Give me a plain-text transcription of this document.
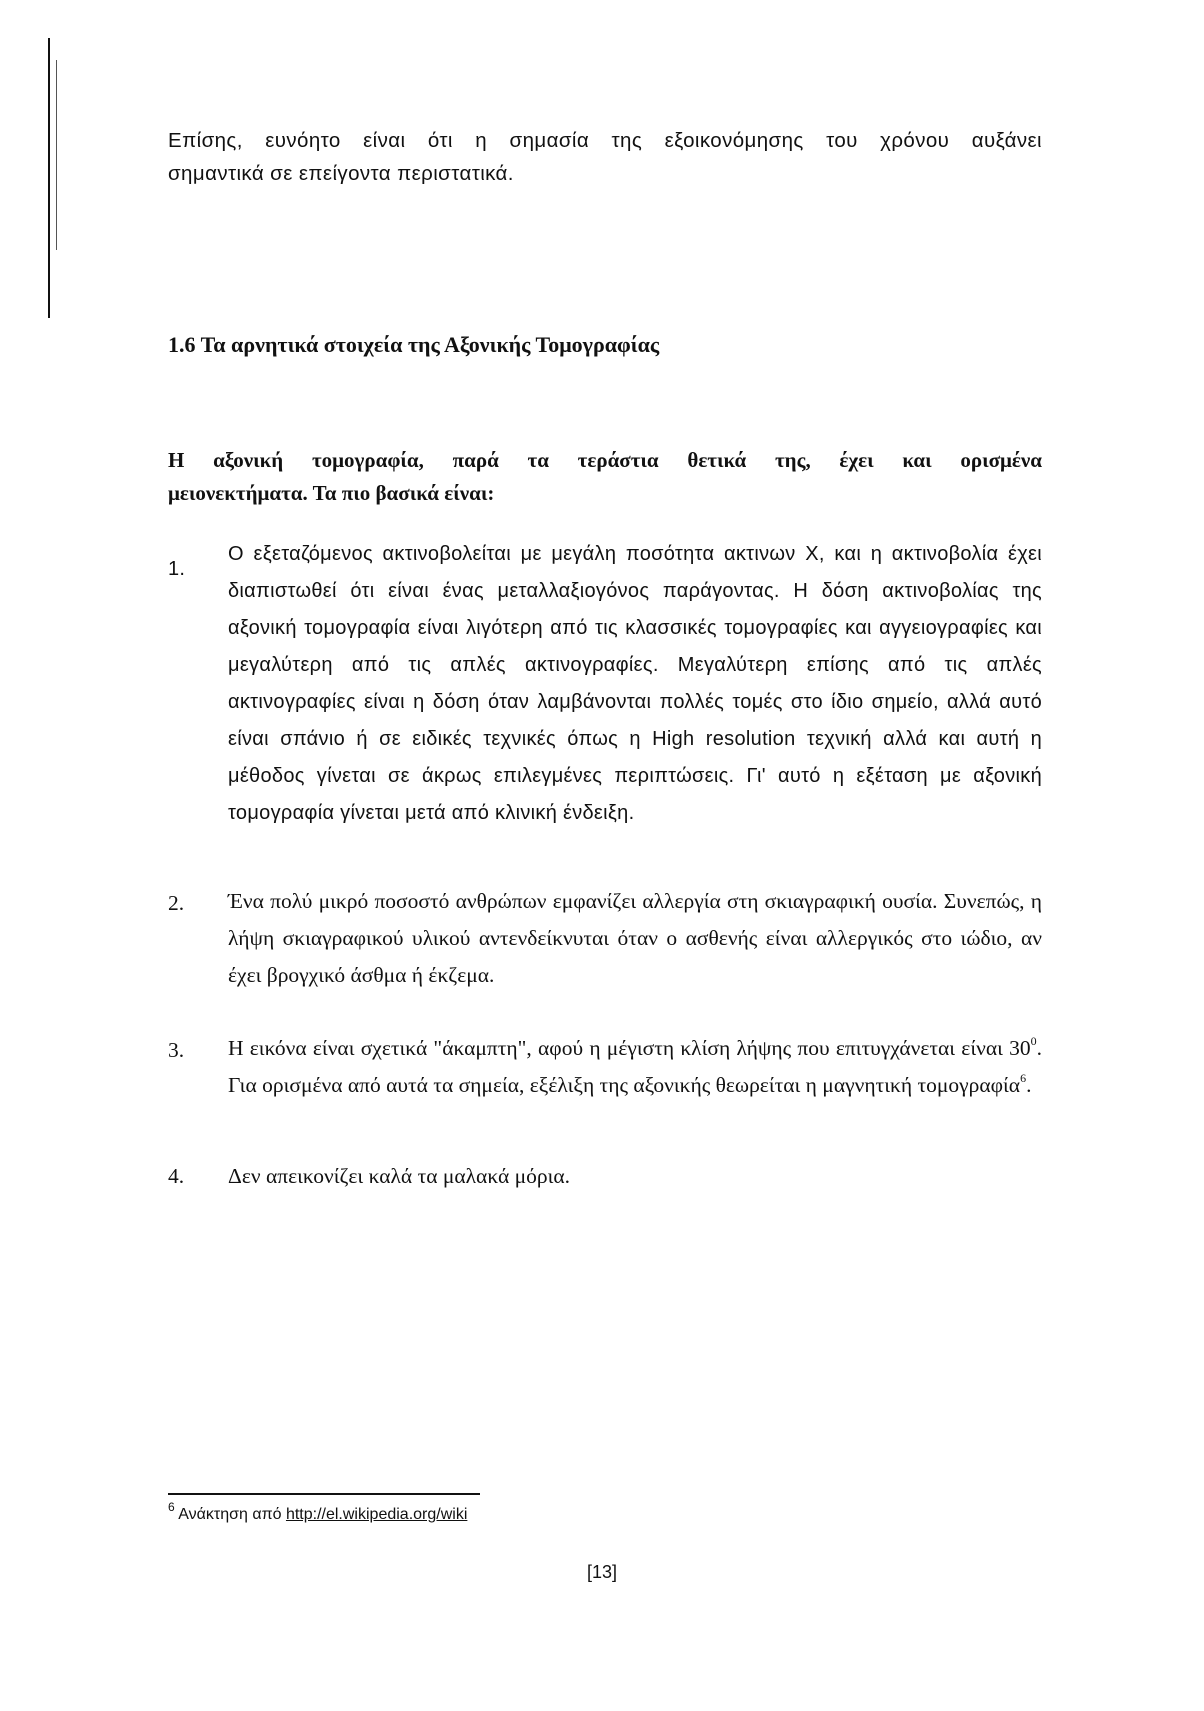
Επίσης, ευνόητο είναι ότι η σημασία της εξοικονόμησης του χρόνου αυξάνει
σημαντικά σε επείγοντα περιστατικά.
1.6 Τα αρνητικά στοιχεία της Αξονικής Τομογραφίας

Η αξονική τομογραφία, παρά τα τεράστια θετικά της, έχει και ορισμένα
μειονεκτήματα. Τα πιο βασικά είναι:

1.
Ο εξεταζόμενος ακτινοβολείται με μεγάλη ποσότητα ακτινων Χ, και η ακτινοβολία έχει διαπιστωθεί ότι είναι ένας μεταλλαξιογόνος παράγοντας. Η δόση ακτινοβολίας της αξονική τομογραφία είναι λιγότερη από τις κλασσικές τομογραφίες και αγγειογραφίες και μεγαλύτερη από τις απλές ακτινογραφίες. Μεγαλύτερη επίσης από τις απλές ακτινογραφίες είναι η δόση όταν λαμβάνονται πολλές τομές στο ίδιο σημείο, αλλά αυτό είναι σπάνιο ή σε ειδικές τεχνικές όπως η High resolution τεχνική αλλά και αυτή η μέθοδος γίνεται σε άκρως επιλεγμένες περιπτώσεις. Γι' αυτό η εξέταση με αξονική τομογραφία γίνεται μετά από κλινική ένδειξη.
2. Ένα πολύ μικρό ποσοστό ανθρώπων εμφανίζει αλλεργία στη σκιαγραφική ουσία. Συνεπώς, η λήψη σκιαγραφικού υλικού αντενδείκνυται όταν ο ασθενής είναι αλλεργικός στο ιώδιο, αν έχει βρογχικό άσθμα ή έκζεμα.
3. Η εικόνα είναι σχετικά "άκαμπτη", αφού η μέγιστη κλίση λήψης που επιτυγχάνεται είναι $30^0$. Για ορισμένα από αυτά τα σημεία, εξέλιξη της αξονικής θεωρείται η μαγνητική τομογραφία$^6$.
4. Δεν απεικονίζει καλά τα μαλακά μόρια.
$^6$ Ανάκτηση από http://el.wikipedia.org/wiki
[13]
